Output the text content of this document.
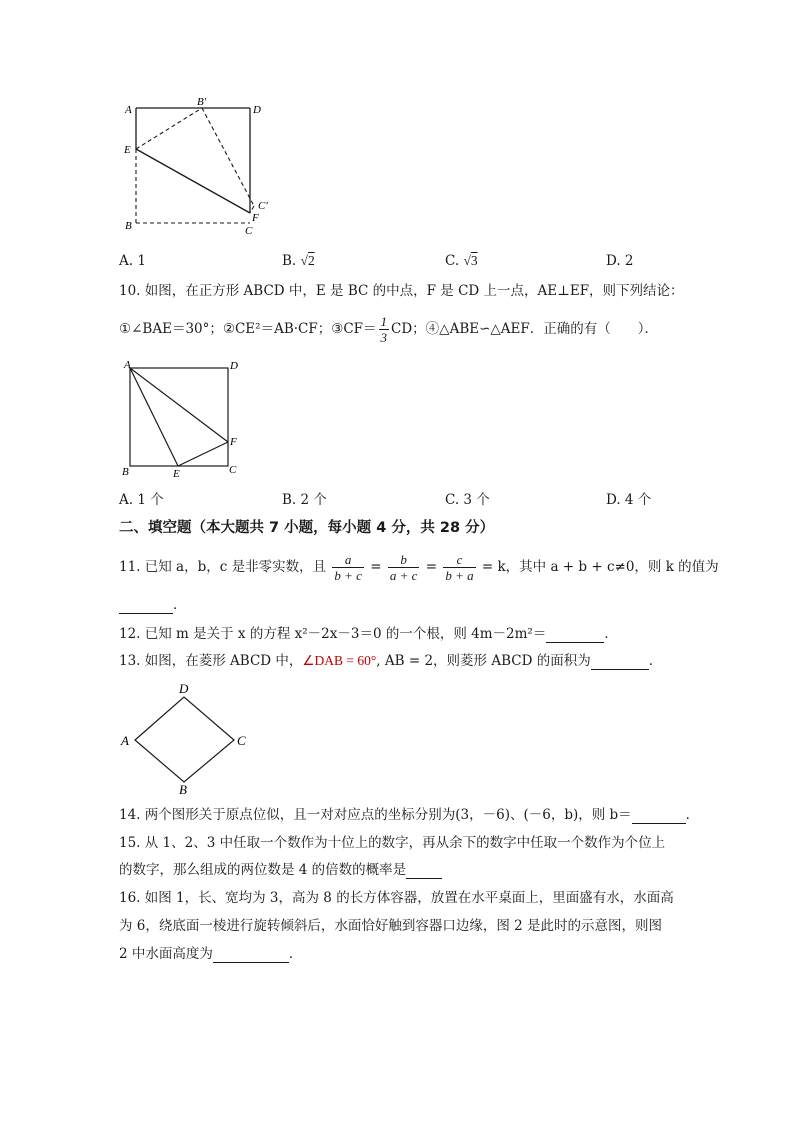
A
B′
D
E
C′
F
B	C
A. 1	B. √2	C. √3	D. 2
10. 如图，在正方形 ABCD 中，E 是 BC 的中点，F 是 CD 上一点，AE⊥EF，则下列结论：
①∠BAE＝30°；②CE²＝AB·CF；③CF＝ $\frac{1}{3}$ CD；④△ABE∽△AEF．正确的有（　　）．
A	D
F
B	E	C
A. 1 个	B. 2 个	C. 3 个	D. 4 个
二、填空题（本大题共 7 小题，每小题 4 分，共 28 分）
11. 已知 a，b，c 是非零实数，且 $\frac{a}{b + c} = \frac{b}{a + c} = \frac{c}{b + a} = k$，其中 a + b + c≠0，则 k 的值为
．
12. 已知 m 是关于 x 的方程 x²－2x－3＝0 的一个根，则 4m－2m²＝	．
13. 如图，在菱形 ABCD 中，∠DAB = 60°, AB = 2，则菱形 ABCD 的面积为	．
D
A	C
B
14. 两个图形关于原点位似，且一对对应点的坐标分别为(3，－6)、(－6，b)，则 b＝	．
15. 从 1、2、3 中任取一个数作为十位上的数字，再从余下的数字中任取一个数作为个位上
的数字，那么组成的两位数是 4 的倍数的概率是
16. 如图 1，长、宽均为 3，高为 8 的长方体容器，放置在水平桌面上，里面盛有水，水面高
为 6，绕底面一棱进行旋转倾斜后，水面恰好触到容器口边缘，图 2 是此时的示意图，则图
2 中水面高度为	．
